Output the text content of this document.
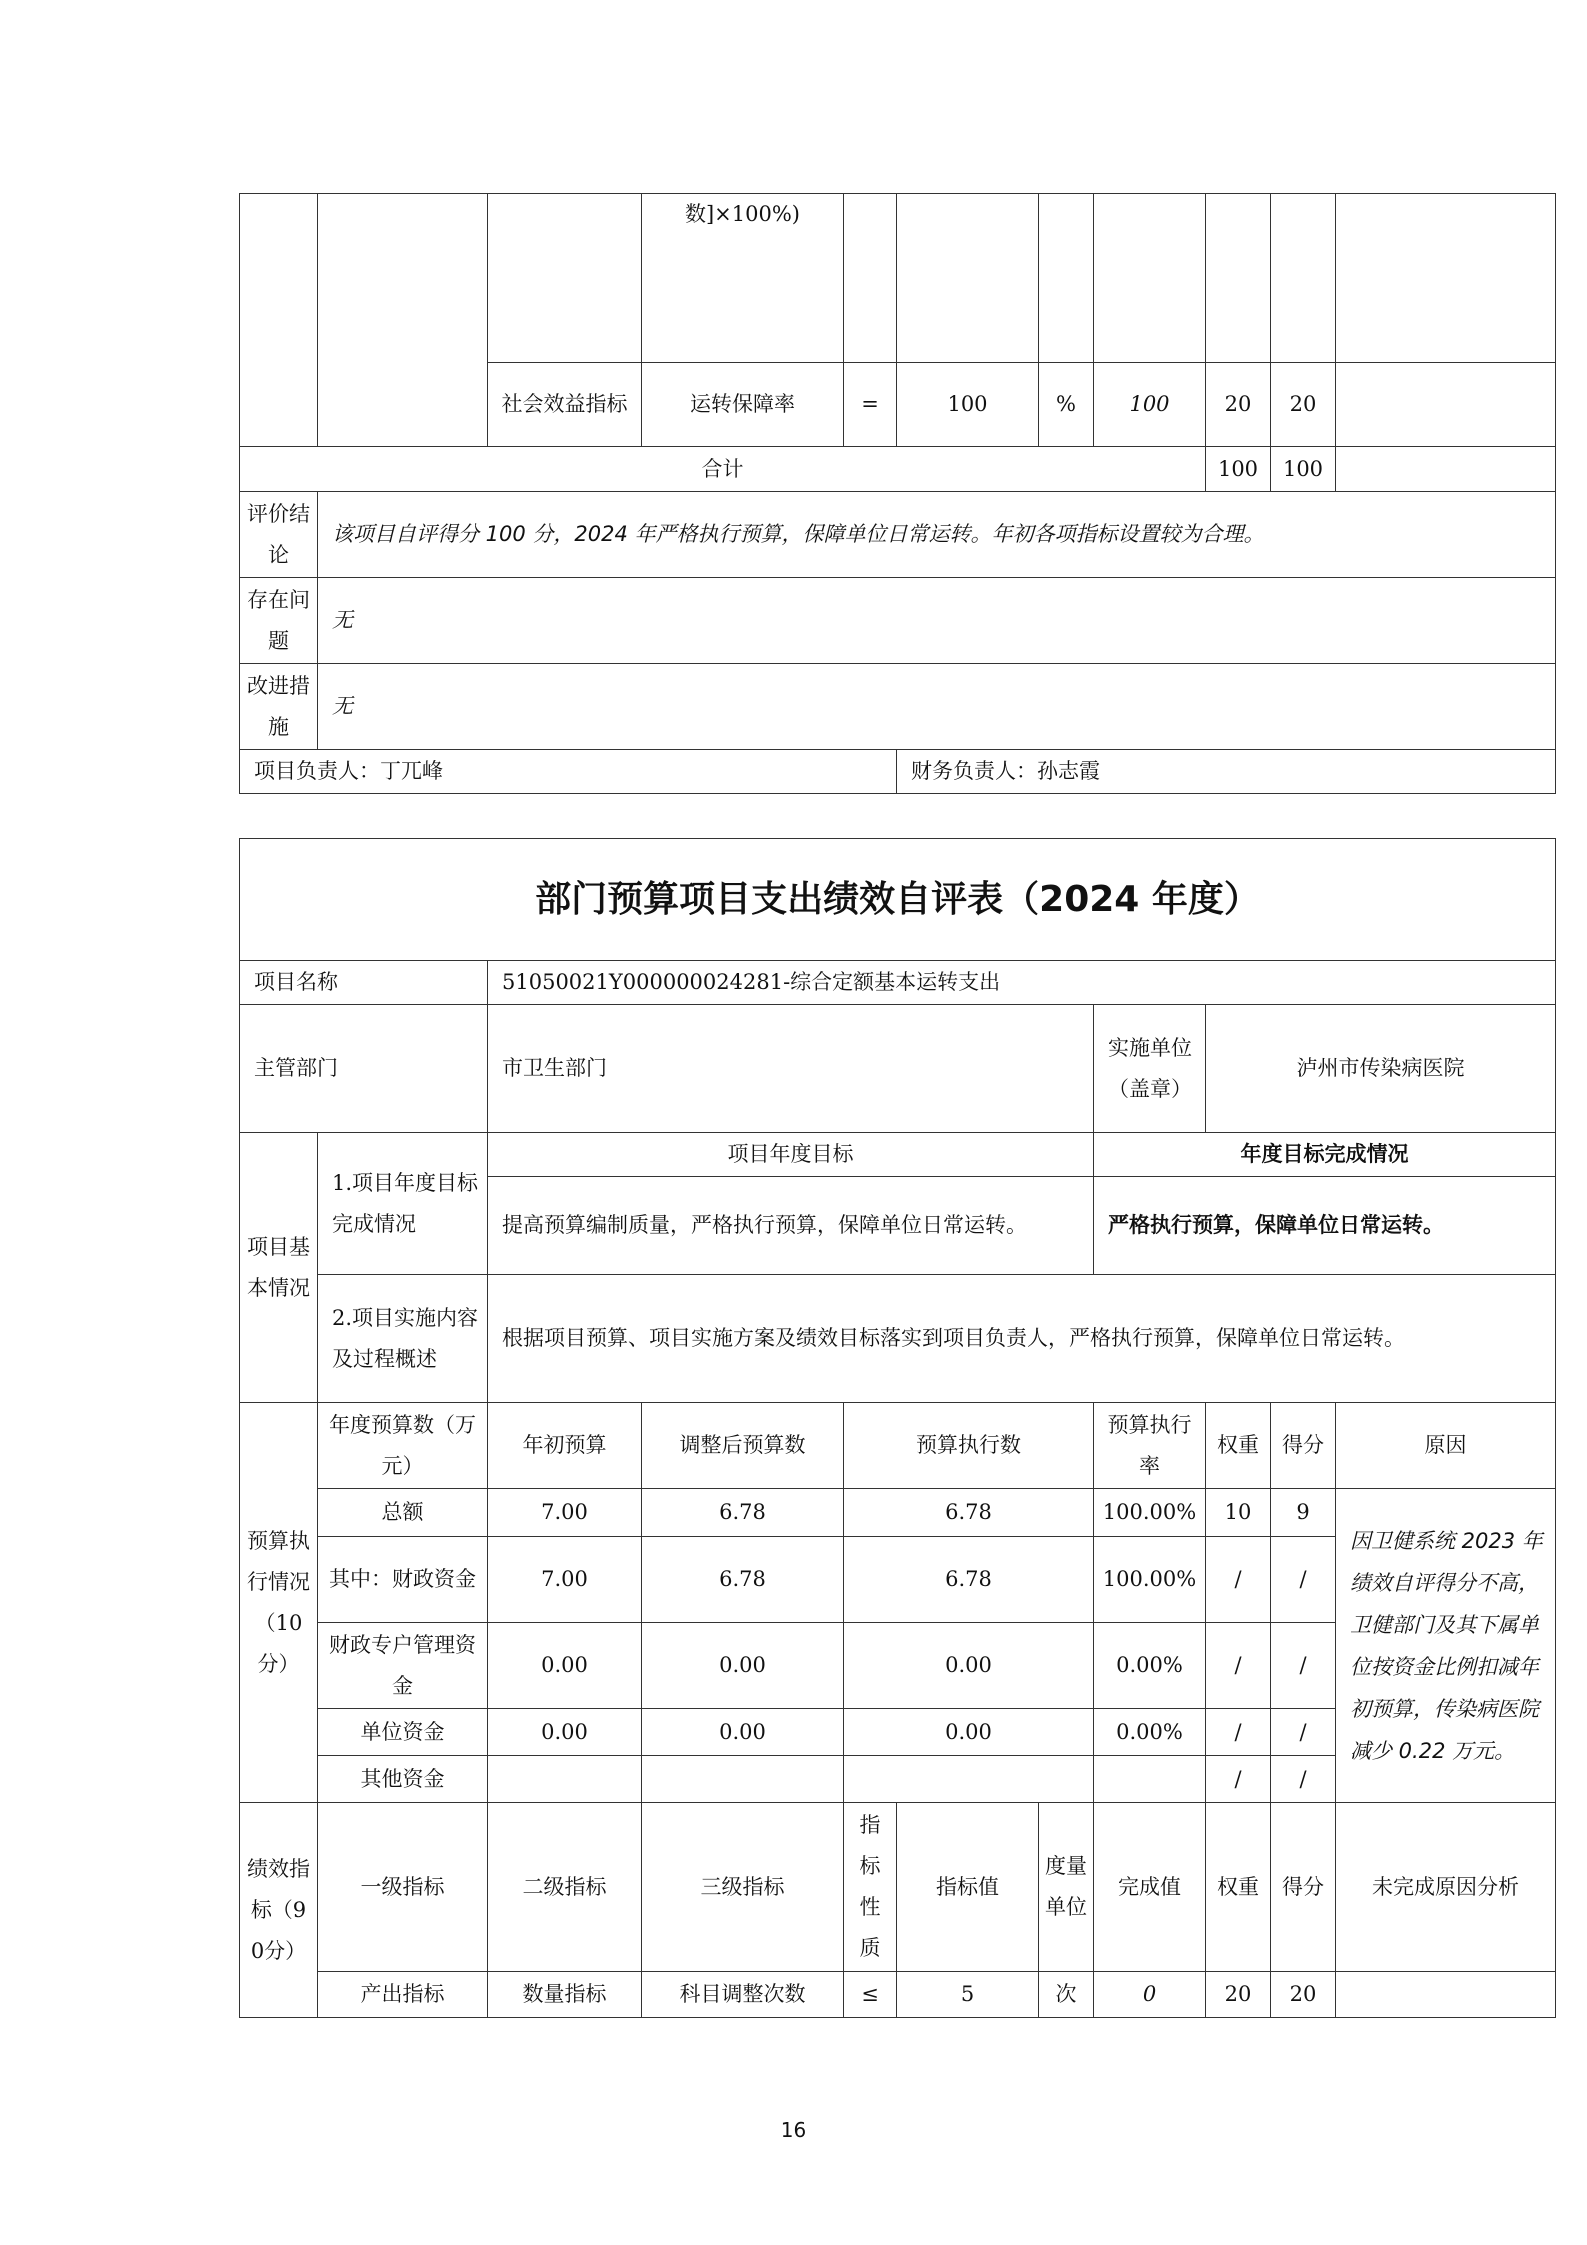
			数]×100%)							
		社会效益指标	运转保障率	=	100	%	100	20	20	
合计								100	100	
评价结论	该项目自评得分 100 分，2024 年严格执行预算，保障单位日常运转。年初各项指标设置较为合理。									
存在问题	无									
改进措施	无									
项目负责人：丁兀峰					财务负责人：孙志霞					
部门预算项目支出绩效自评表（2024 年度）										
项目名称		51050021Y000000024281-综合定额基本运转支出								
主管部门		市卫生部门					实施单位（盖章）	泸州市传染病医院		
项目基本情况	1.项目年度目标完成情况	项目年度目标					年度目标完成情况			
		提高预算编制质量，严格执行预算，保障单位日常运转。					严格执行预算，保障单位日常运转。			
	2.项目实施内容及过程概述	根据项目预算、项目实施方案及绩效目标落实到项目负责人，严格执行预算，保障单位日常运转。								
预算执行情况（10分）	年度预算数（万元）	年初预算	调整后预算数	预算执行数			预算执行率	权重	得分	原因
	总额	7.00	6.78	6.78			100.00%	10	9	因卫健系统 2023 年绩效自评得分不高，卫健部门及其下属单位按资金比例扣减年初预算，传染病医院减少 0.22 万元。
	其中：财政资金	7.00	6.78	6.78			100.00%	/	/	
	财政专户管理资金	0.00	0.00	0.00			0.00%	/	/	
	单位资金	0.00	0.00	0.00			0.00%	/	/	
	其他资金							/	/	
绩效指标（90分）	一级指标	二级指标	三级指标	指标性质	指标值	度量单位	完成值	权重	得分	未完成原因分析
	产出指标	数量指标	科目调整次数	≤	5	次	0	20	20	
16
